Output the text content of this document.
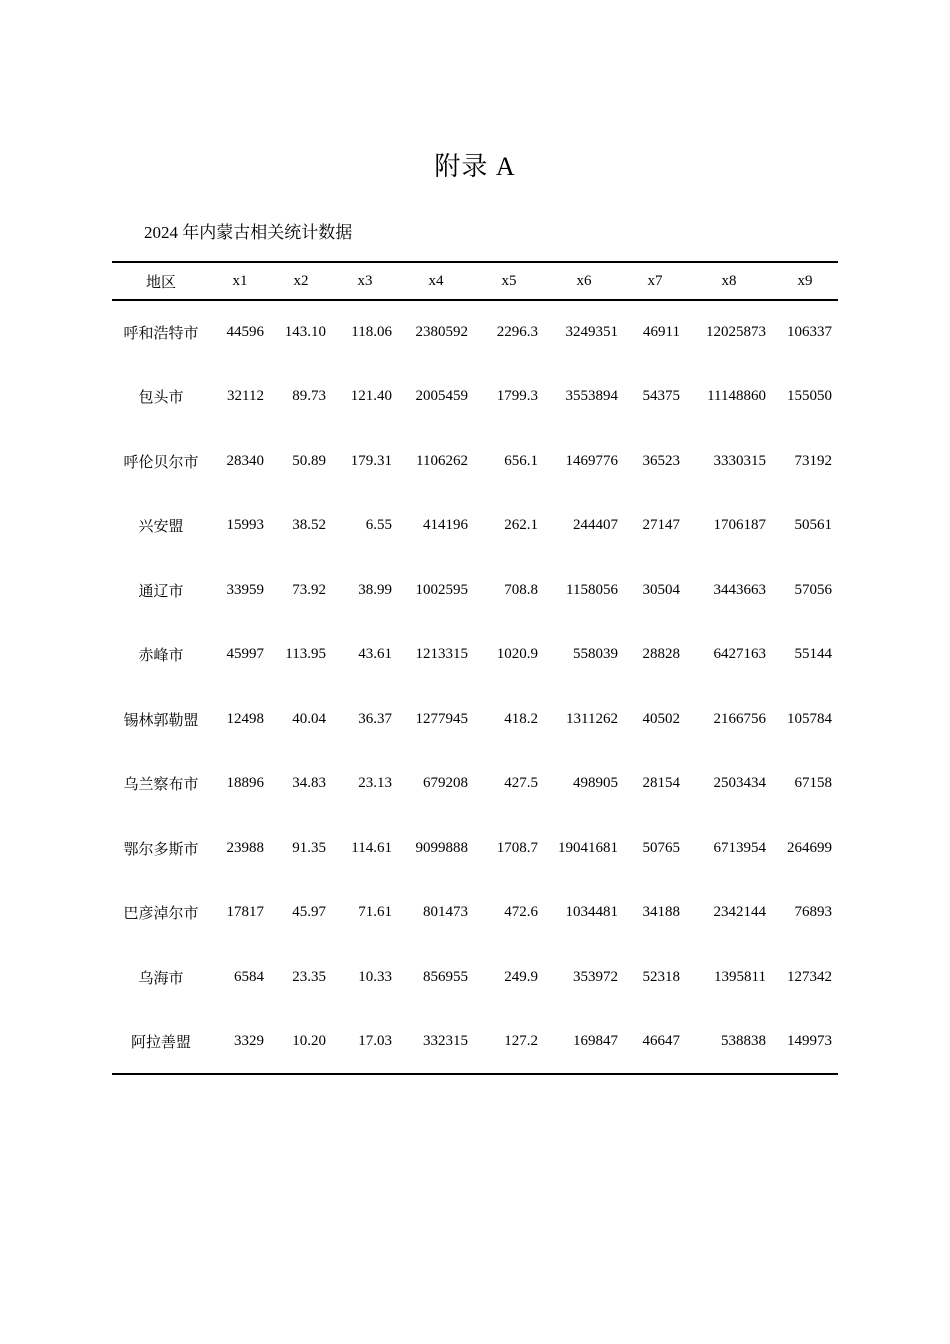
附录 A
2024 年内蒙古相关统计数据
地区	x1	x2	x3	x4	x5	x6	x7	x8	x9
呼和浩特市	44596	143.10	118.06	2380592	2296.3	3249351	46911	12025873	106337
包头市	32112	89.73	121.40	2005459	1799.3	3553894	54375	11148860	155050
呼伦贝尔市	28340	50.89	179.31	1106262	656.1	1469776	36523	3330315	73192
兴安盟	15993	38.52	6.55	414196	262.1	244407	27147	1706187	50561
通辽市	33959	73.92	38.99	1002595	708.8	1158056	30504	3443663	57056
赤峰市	45997	113.95	43.61	1213315	1020.9	558039	28828	6427163	55144
锡林郭勒盟	12498	40.04	36.37	1277945	418.2	1311262	40502	2166756	105784
乌兰察布市	18896	34.83	23.13	679208	427.5	498905	28154	2503434	67158
鄂尔多斯市	23988	91.35	114.61	9099888	1708.7	19041681	50765	6713954	264699
巴彦淖尔市	17817	45.97	71.61	801473	472.6	1034481	34188	2342144	76893
乌海市	6584	23.35	10.33	856955	249.9	353972	52318	1395811	127342
阿拉善盟	3329	10.20	17.03	332315	127.2	169847	46647	538838	149973
